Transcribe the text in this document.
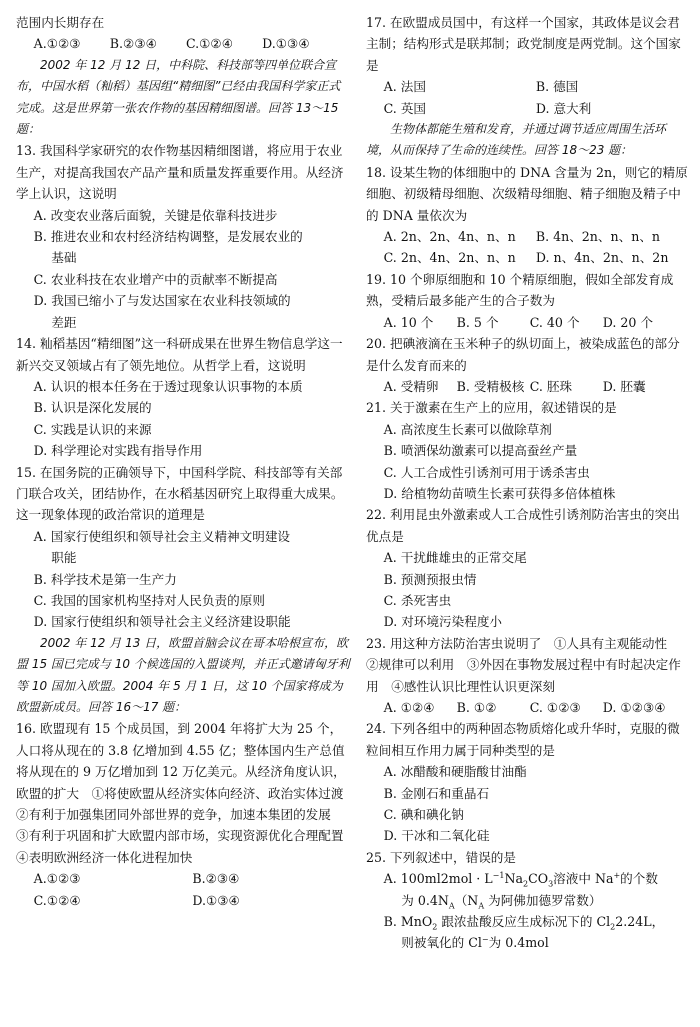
范围内长期存在

A.①②③	B.②③④	C.①②④	D.①③④

2002 年 12 月 12 日，中科院、科技部等四单位联合宣布，中国水稻（籼稻）基因组“精细图”已经由我国科学家正式完成。这是世界第一张农作物的基因精细图谱。回答 13～15 题：

13. 我国科学家研究的农作物基因精细图谱，将应用于农业生产，对提高我国农产品产量和质量发挥重要作用。从经济学上认识，这说明

A. 改变农业落后面貌，关键是依靠科技进步

B. 推进农业和农村经济结构调整，是发展农业的

基础

C. 农业科技在农业增产中的贡献率不断提高

D. 我国已缩小了与发达国家在农业科技领域的

差距

14. 籼稻基因“精细图”这一科研成果在世界生物信息学这一新兴交叉领域占有了领先地位。从哲学上看，这说明

A. 认识的根本任务在于透过现象认识事物的本质

B. 认识是深化发展的

C. 实践是认识的来源

D. 科学理论对实践有指导作用

15. 在国务院的正确领导下，中国科学院、科技部等有关部门联合攻关，团结协作，在水稻基因研究上取得重大成果。这一现象体现的政治常识的道理是

A. 国家行使组织和领导社会主义精神文明建设

职能

B. 科学技术是第一生产力

C. 我国的国家机构坚持对人民负责的原则

D. 国家行使组织和领导社会主义经济建设职能

2002 年 12 月 13 日，欧盟首脑会议在哥本哈根宣布，欧盟 15 国已完成与 10 个候选国的入盟谈判，并正式邀请匈牙利等 10 国加入欧盟。2004 年 5 月 1 日，这 10 个国家将成为欧盟新成员。回答 16～17 题：

16. 欧盟现有 15 个成员国，到 2004 年将扩大为 25 个，人口将从现在的 3.8 亿增加到 4.55 亿；整体国内生产总值将从现在的 9 万亿增加到 12 万亿美元。从经济角度认识，欧盟的扩大　①将使欧盟从经济实体向经济、政治实体过渡　②有利于加强集团同外部世界的竞争，加速本集团的发展　③有利于巩固和扩大欧盟内部市场，实现资源优化合理配置　④表明欧洲经济一体化进程加快

A.①②③	B.②③④
C.①②④	D.①③④

17. 在欧盟成员国中，有这样一个国家，其政体是议会君主制；结构形式是联邦制；政党制度是两党制。这个国家是

A. 法国	B. 德国
C. 英国	D. 意大利

生物体都能生殖和发育，并通过调节适应周围生活环境，从而保持了生命的连续性。回答 18～23 题：

18. 设某生物的体细胞中的 DNA 含量为 2n，则它的精原细胞、初级精母细胞、次级精母细胞、精子细胞及精子中的 DNA 量依次为

A. 2n、2n、4n、n、n	B. 4n、2n、n、n、n
C. 2n、4n、2n、n、n	D. n、4n、2n、n、2n

19. 10 个卵原细胞和 10 个精原细胞，假如全部发育成熟，受精后最多能产生的合子数为

A. 10 个	B. 5 个	C. 40 个	D. 20 个

20. 把碘液滴在玉米种子的纵切面上，被染成蓝色的部分是什么发育而来的

A. 受精卵	B. 受精极核 C. 胚珠	D. 胚囊

21. 关于激素在生产上的应用，叙述错误的是

A. 高浓度生长素可以做除草剂

B. 喷洒保幼激素可以提高蚕丝产量

C. 人工合成性引诱剂可用于诱杀害虫

D. 给植物幼苗喷生长素可获得多倍体植株

22. 利用昆虫外激素或人工合成性引诱剂防治害虫的突出优点是

A. 干扰雌雄虫的正常交尾

B. 预测预报虫情

C. 杀死害虫

D. 对环境污染程度小

23. 用这种方法防治害虫说明了　①人具有主观能动性　②规律可以利用　③外因在事物发展过程中有时起决定作用　④感性认识比理性认识更深刻

A. ①②④	B. ①②	C. ①②③	D. ①②③④

24. 下列各组中的两种固态物质熔化或升华时，克服的微粒间相互作用力属于同种类型的是

A. 冰醋酸和硬脂酸甘油酯

B. 金刚石和重晶石

C. 碘和碘化钠

D. 干冰和二氧化硅

25. 下列叙述中，错误的是

A. $100ml2mol \cdot L^{-1}Na_2CO_3$溶液中 Na+的个数

为 $0.4N_A(N_A$ 为阿佛加德罗常数）

B. MnO$_2$ 跟浓盐酸反应生成标况下的 $Cl_22.24L$，

则被氧化的 Cl−为 0.4mol
